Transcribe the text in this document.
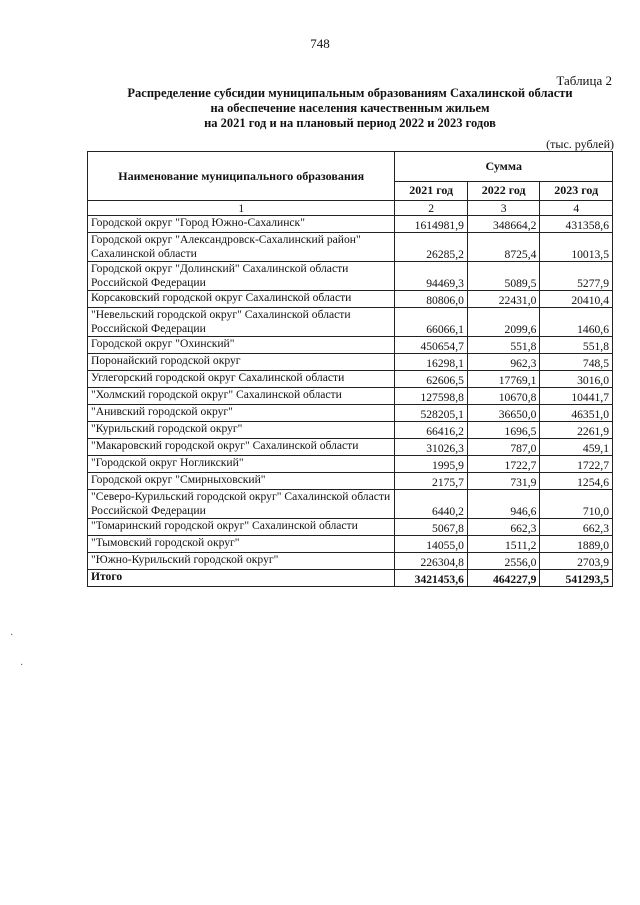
748
Таблица 2
Распределение субсидии муниципальным образованиям Сахалинской области
на обеспечение населения качественным жильем
на 2021 год и на плановый период 2022 и 2023 годов
(тыс. рублей)
Наименование муниципального образования	Сумма		
	2021 год	2022 год	2023 год
1	2	3	4
Городской округ "Город Южно-Сахалинск"	1614981,9	348664,2	431358,6
Городской округ "Александровск-Сахалинский район" Сахалинской области	26285,2	8725,4	10013,5
Городской округ "Долинский" Сахалинской области Российской Федерации	94469,3	5089,5	5277,9
Корсаковский городской округ Сахалинской области	80806,0	22431,0	20410,4
"Невельский городской округ" Сахалинской области Российской Федерации	66066,1	2099,6	1460,6
Городской округ "Охинский"	450654,7	551,8	551,8
Поронайский городской округ	16298,1	962,3	748,5
Углегорский городской округ Сахалинской области	62606,5	17769,1	3016,0
"Холмский городской округ" Сахалинской области	127598,8	10670,8	10441,7
"Анивский городской округ"	528205,1	36650,0	46351,0
"Курильский городской округ"	66416,2	1696,5	2261,9
"Макаровский городской округ" Сахалинской области	31026,3	787,0	459,1
"Городской округ Ногликский"	1995,9	1722,7	1722,7
Городской округ "Смирныховский"	2175,7	731,9	1254,6
"Северо-Курильский городской округ" Сахалинской области Российской Федерации	6440,2	946,6	710,0
"Томаринский городской округ" Сахалинской области	5067,8	662,3	662,3
"Тымовский городской округ"	14055,0	1511,2	1889,0
"Южно-Курильский городской округ"	226304,8	2556,0	2703,9
Итого	3421453,6	464227,9	541293,5
·
·
